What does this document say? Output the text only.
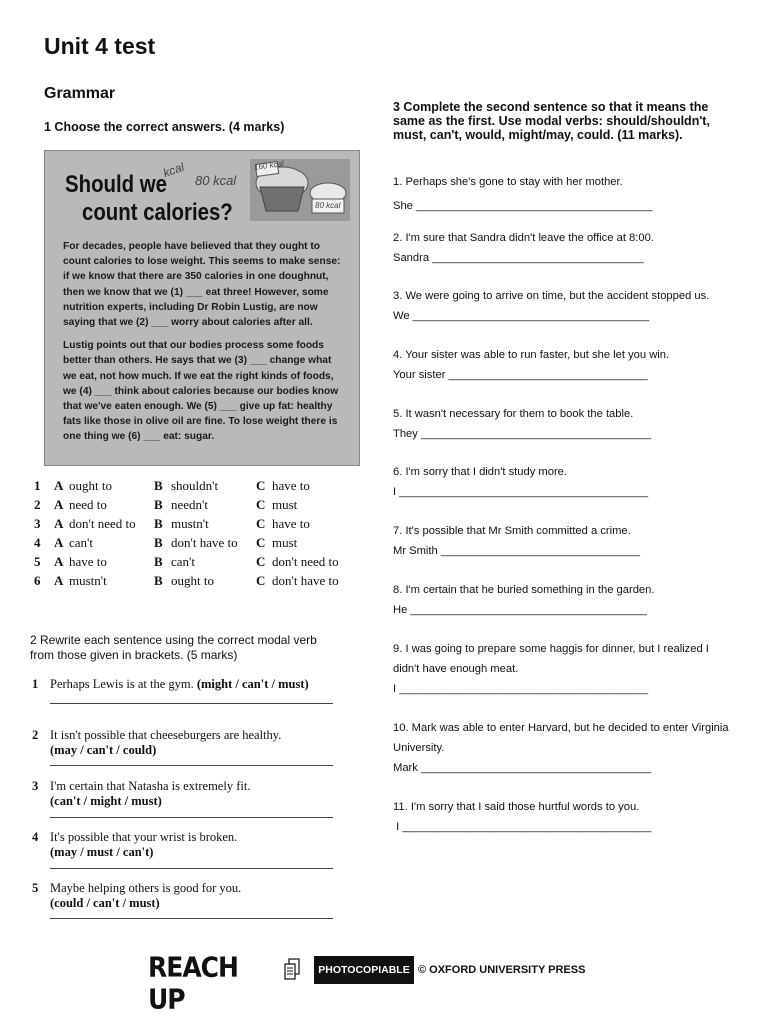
Unit 4 test
Grammar
1 Choose the correct answers. (4 marks)
Should we
count calories?
kcal
80 kcal
160 kcal
80 kcal

For decades, people have believed that they ought to count calories to lose weight. This seems to make sense: if we know that there are 350 calories in one doughnut, then we know that we (1) ___ eat three! However, some nutrition experts, including Dr Robin Lustig, are now saying that we (2) ___ worry about calories after all.

Lustig points out that our bodies process some foods better than others. He says that we (3) ___ change what we eat, not how much. If we eat the right kinds of foods, we (4) ___ think about calories because our bodies know that we've eaten enough. We (5) ___ give up fat: healthy fats like those in olive oil are fine. To lose weight there is one thing we (6) ___ eat: sugar.

1 A ought to	B shouldn't	C have to
2 A need to	B needn't	C must
3 A don't need to B mustn't	C have to
4 A can't	B don't have to C must
5 A have to	B can't	C don't need to
6 A mustn't	B ought to	C don't have to
2 Rewrite each sentence using the correct modal verb from those given in brackets. (5 marks)
1 Perhaps Lewis is at the gym. (might / can't / must)
2 It isn't possible that cheeseburgers are healthy.
(may / can't / could)
3 I'm certain that Natasha is extremely fit.
(can't / might / must)
4 It's possible that your wrist is broken.
(may / must / can't)
5 Maybe helping others is good for you.
(could / can't / must)
3 Complete the second sentence so that it means the same as the first. Use modal verbs: should/shouldn't, must, can't, would, might/may, could. (11 marks).
1. Perhaps she's gone to stay with her mother.
She ______________________________________
2. I'm sure that Sandra didn't leave the office at 8:00.
Sandra __________________________________
3. We were going to arrive on time, but the accident stopped us.
We ______________________________________
4. Your sister was able to run faster, but she let you win.
Your sister ________________________________
5. It wasn't necessary for them to book the table.
They _____________________________________
6. I'm sorry that I didn't study more.
I ________________________________________
7. It's possible that Mr Smith committed a crime.
Mr Smith ________________________________
8. I'm certain that he buried something in the garden.
He ______________________________________
9. I was going to prepare some haggis for dinner, but I realized I didn't have enough meat.
I ________________________________________
10. Mark was able to enter Harvard, but he decided to enter Virginia University.
Mark _____________________________________
11. I'm sorry that I said those hurtful words to you.
I ________________________________________
REACH UP
PHOTOCOPIABLE © OXFORD UNIVERSITY PRESS
